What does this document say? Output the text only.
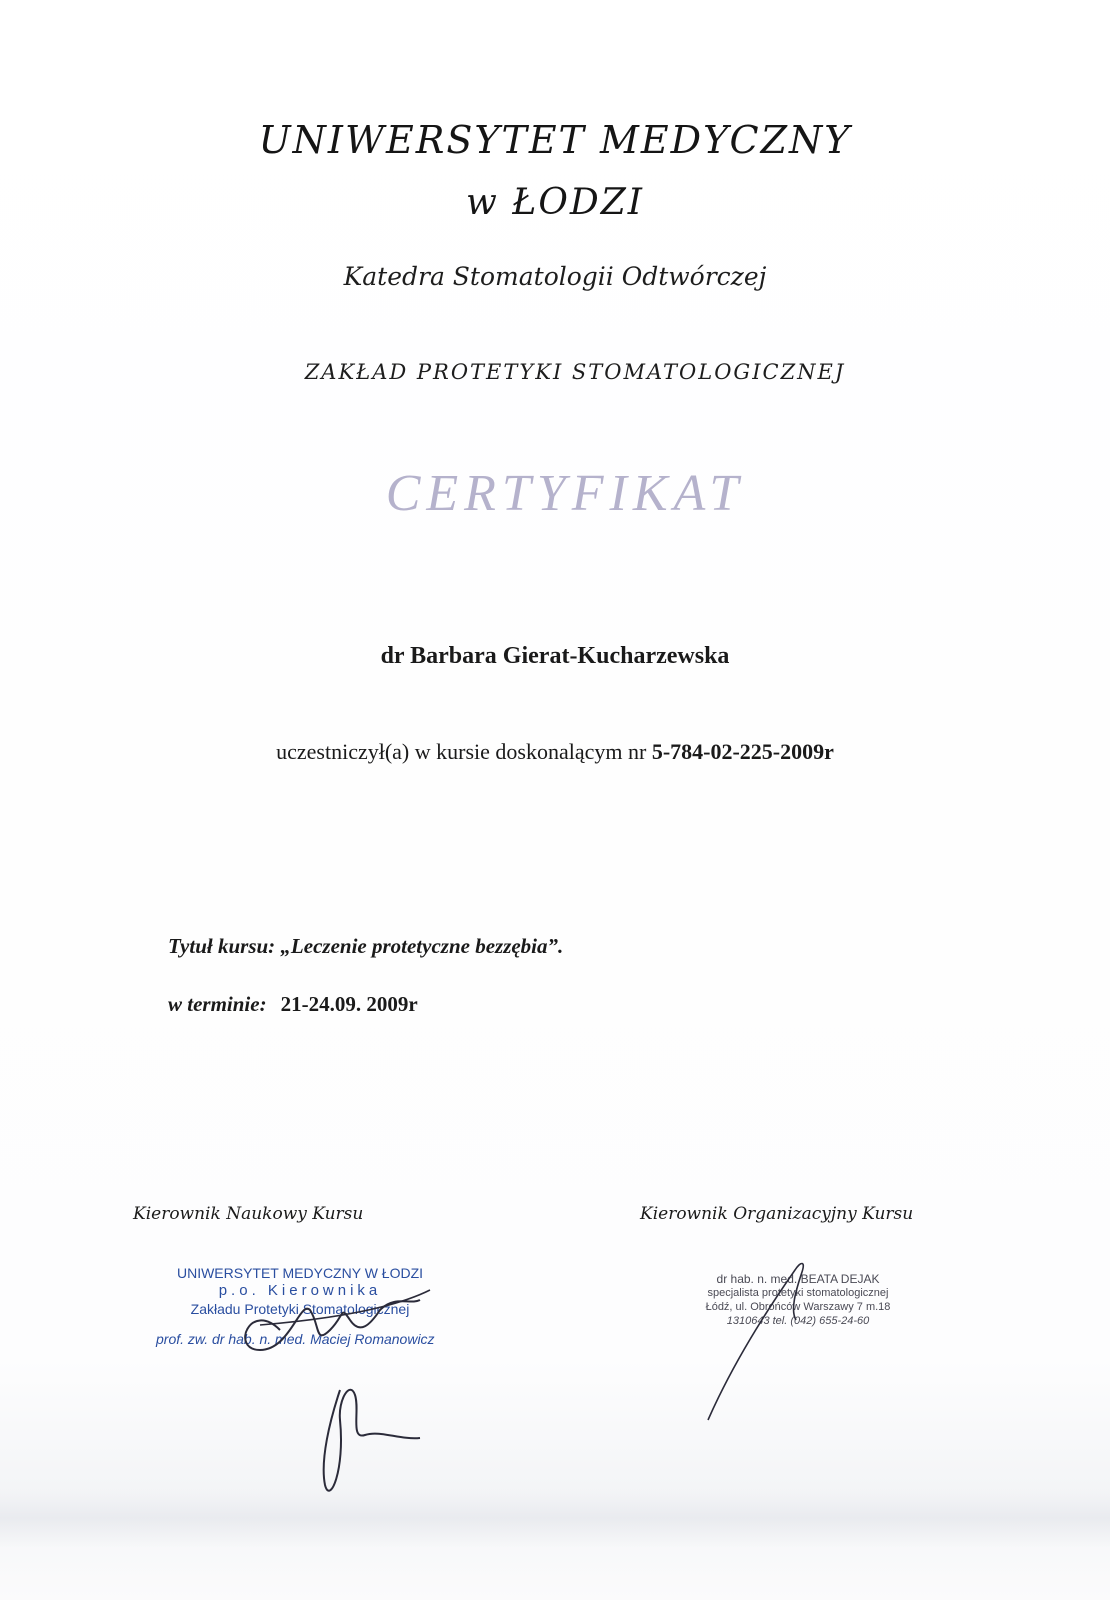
UNIWERSYTET MEDYCZNY
w ŁODZI
Katedra Stomatologii Odtwórczej
ZAKŁAD PROTETYKI STOMATOLOGICZNEJ
CERTYFIKAT
dr Barbara Gierat-Kucharzewska
uczestniczył(a) w kursie doskonalącym nr 5-784-02-225-2009r
Tytuł kursu: „Leczenie protetyczne bezzębia”.
w terminie: 21-24.09. 2009r
Kierownik Naukowy Kursu
UNIWERSYTET MEDYCZNY W ŁODZI
p.o. Kierownika
Zakładu Protetyki Stomatologicznej
prof. zw. dr hab. n. med. Maciej Romanowicz
Kierownik Organizacyjny Kursu
dr hab. n. med. BEATA DEJAK
specjalista protetyki stomatologicznej
Łódź, ul. Obrońców Warszawy 7 m.18
1310643 tel. (042) 655-24-60
